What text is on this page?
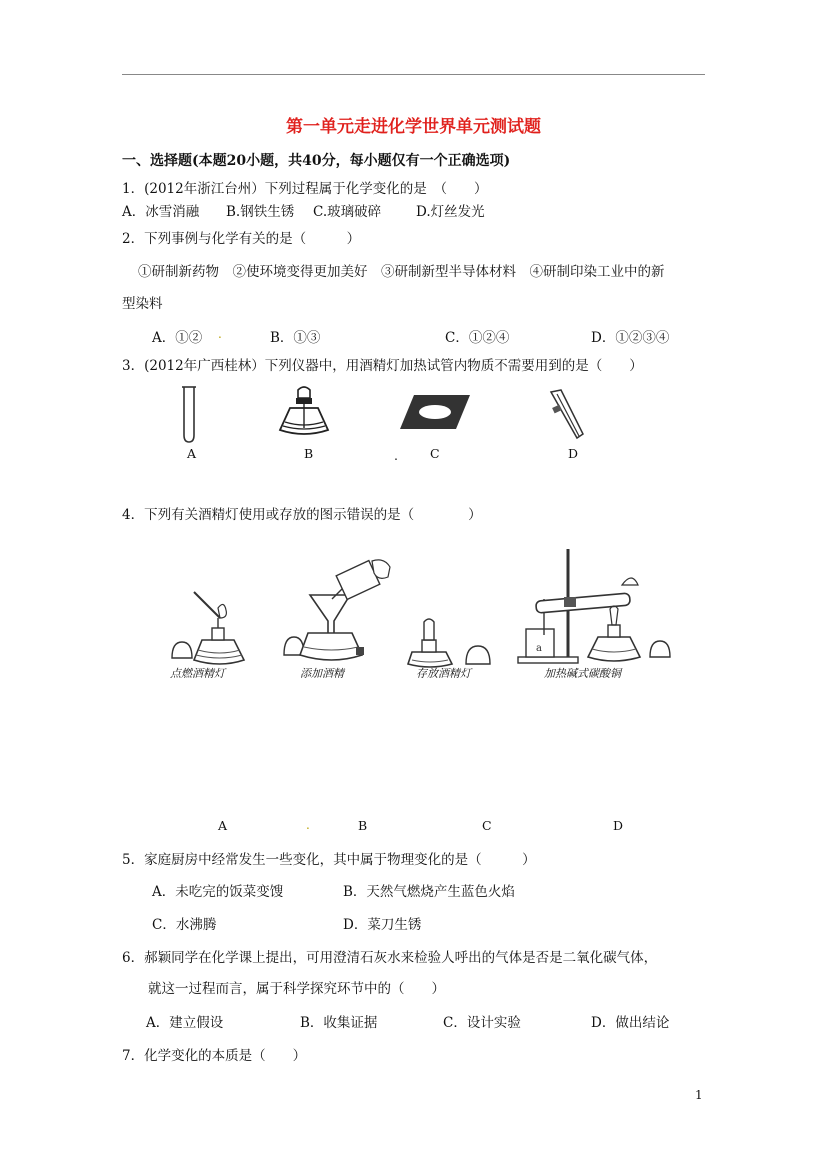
第一单元走进化学世界单元测试题
一、选择题(本题20小题，共40分，每小题仅有一个正确选项)
1．(2012年浙江台州）下列过程属于化学变化的是　（　　）
A．冰雪消融 B.钢铁生锈 C.玻璃破碎	D.灯丝发光
2．下列事例与化学有关的是（　　　）
①研制新药物　②使环境变得更加美好　③研制新型半导体材料　④研制印染工业中的新
型染料
A．①② .	B．①③	C．①②④	D．①②③④
3．(2012年广西桂林）下列仪器中，用酒精灯加热试管内物质不需要用到的是（　　）
A	B	.	C	D
4．下列有关酒精灯使用或存放的图示错误的是（　　　　）
点燃酒精灯	添加酒精	存放酒精灯
a
加热碱式碳酸铜
A	.	B	C	D
5．家庭厨房中经常发生一些变化，其中属于物理变化的是（　　　）
A．未吃完的饭菜变馊	B．天然气燃烧产生蓝色火焰
C．水沸腾	D．菜刀生锈
6．郝颖同学在化学课上提出，可用澄清石灰水来检验人呼出的气体是否是二氧化碳气体，
就这一过程而言，属于科学探究环节中的（　　）
A．建立假设	B．收集证据	C．设计实验	D．做出结论
7．化学变化的本质是（　　）
1
